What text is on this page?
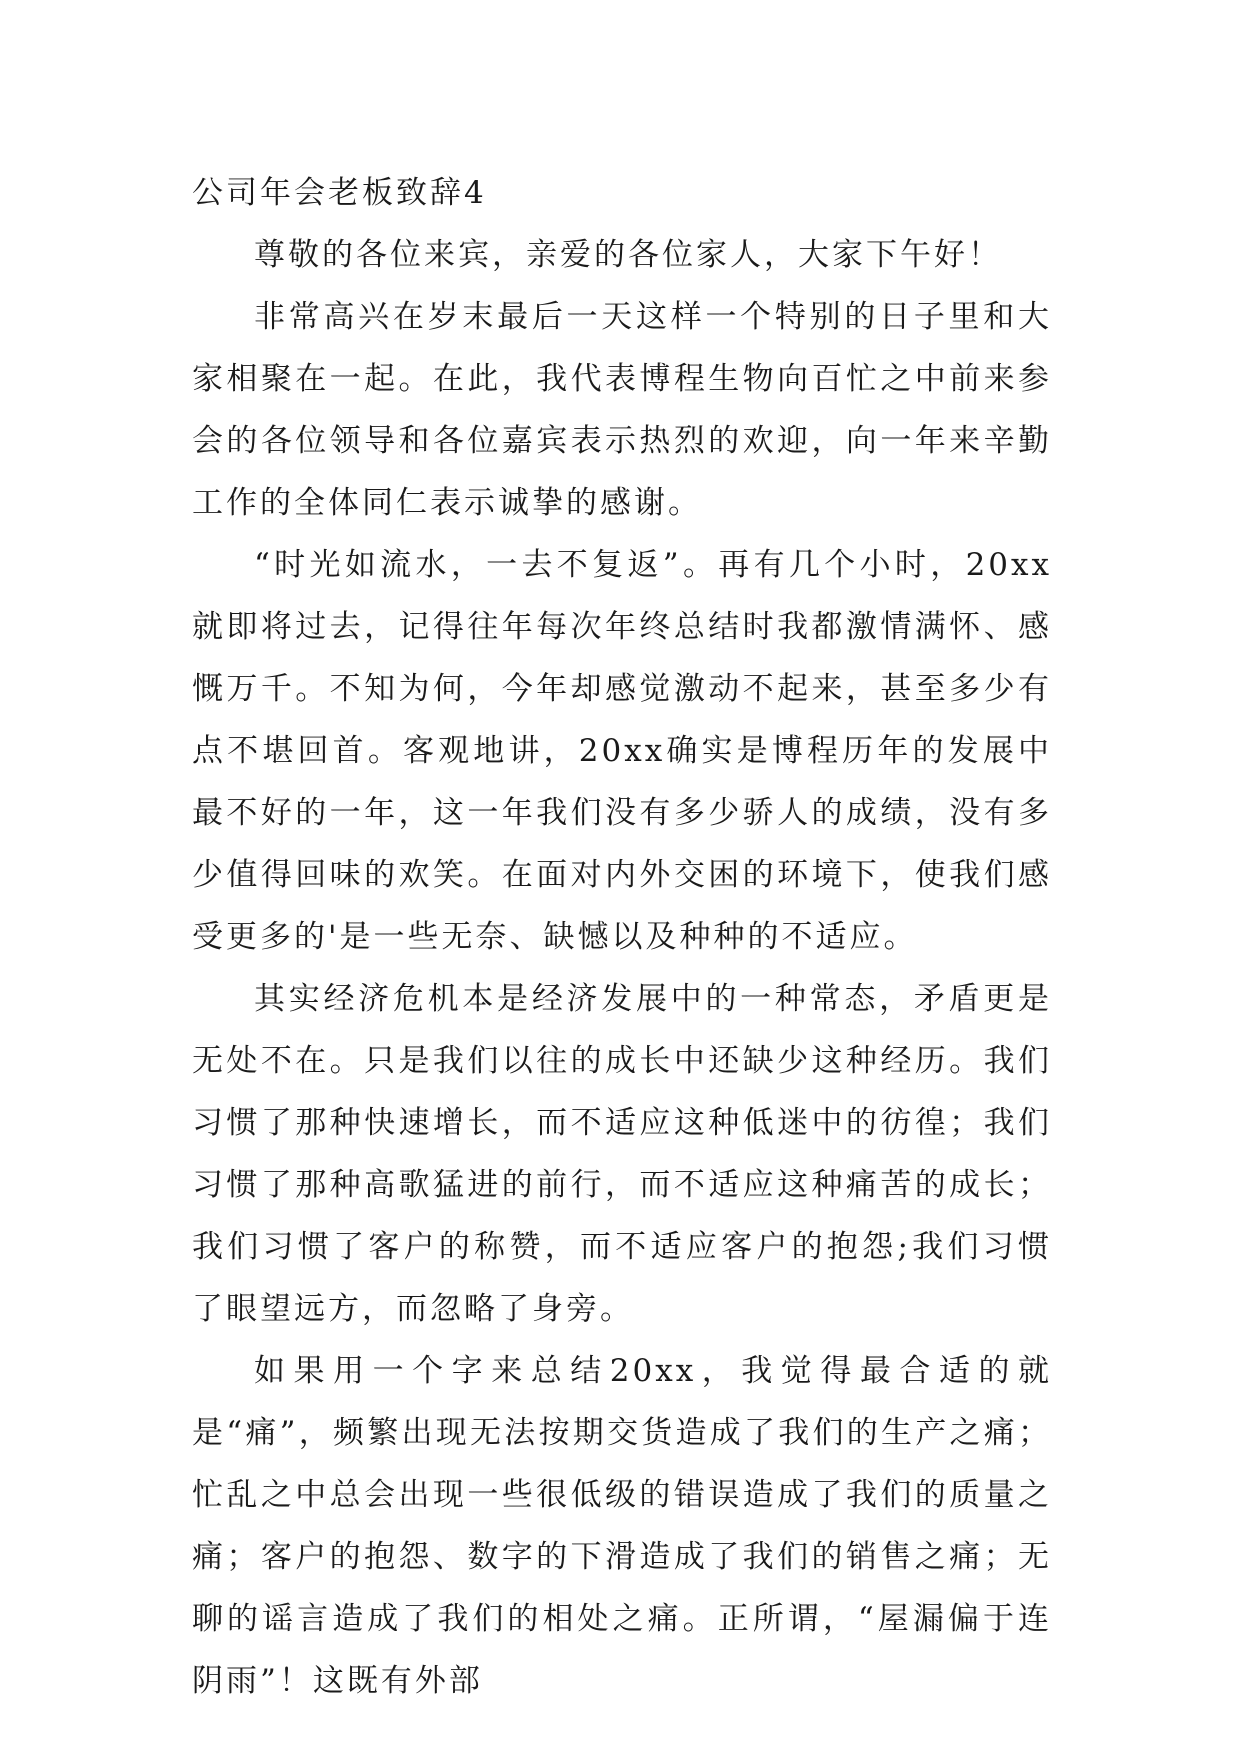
公司年会老板致辞4

尊敬的各位来宾，亲爱的各位家人，大家下午好！

非常高兴在岁末最后一天这样一个特别的日子里和大家相聚在一起。在此，我代表博程生物向百忙之中前来参会的各位领导和各位嘉宾表示热烈的欢迎，向一年来辛勤工作的全体同仁表示诚挚的感谢。

“时光如流水，一去不复返”。再有几个小时，20xx就即将过去，记得往年每次年终总结时我都激情满怀、感慨万千。不知为何，今年却感觉激动不起来，甚至多少有点不堪回首。客观地讲，20xx确实是博程历年的发展中最不好的一年，这一年我们没有多少骄人的成绩，没有多少值得回味的欢笑。在面对内外交困的环境下，使我们感受更多的'是一些无奈、缺憾以及种种的不适应。

其实经济危机本是经济发展中的一种常态，矛盾更是无处不在。只是我们以往的成长中还缺少这种经历。我们习惯了那种快速增长，而不适应这种低迷中的彷徨；我们习惯了那种高歌猛进的前行，而不适应这种痛苦的成长；我们习惯了客户的称赞，而不适应客户的抱怨;我们习惯了眼望远方，而忽略了身旁。

如果用一个字来总结20xx，我觉得最合适的就是“痛”，频繁出现无法按期交货造成了我们的生产之痛；忙乱之中总会出现一些很低级的错误造成了我们的质量之痛；客户的抱怨、数字的下滑造成了我们的销售之痛；无聊的谣言造成了我们的相处之痛。正所谓，“屋漏偏于连阴雨”！这既有外部
